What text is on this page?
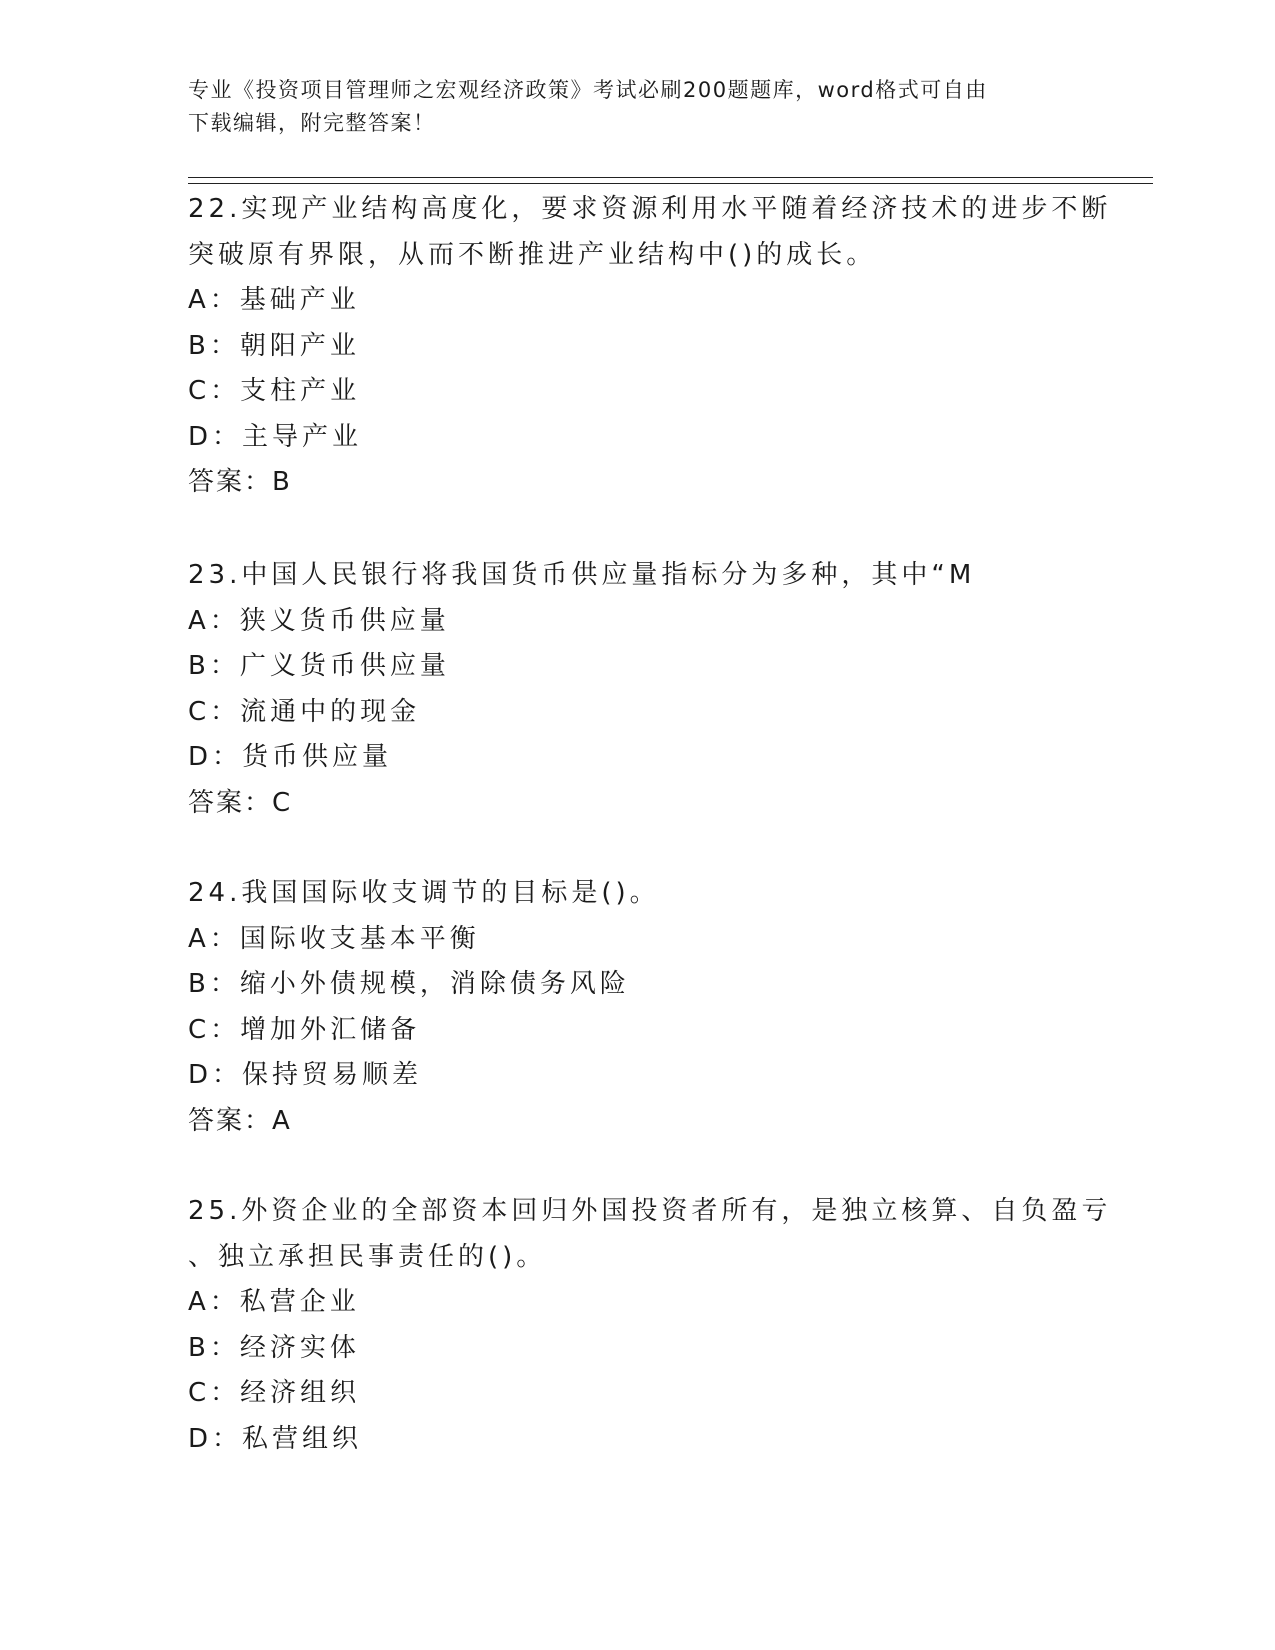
专业《投资项目管理师之宏观经济政策》考试必刷200题题库，word格式可自由
下载编辑，附完整答案！
22.实现产业结构高度化，要求资源利用水平随着经济技术的进步不断
突破原有界限，从而不断推进产业结构中()的成长。
A：基础产业
B：朝阳产业
C：支柱产业
D：主导产业
答案：B
23.中国人民银行将我国货币供应量指标分为多种，其中“M
A：狭义货币供应量
B：广义货币供应量
C：流通中的现金
D：货币供应量
答案：C
24.我国国际收支调节的目标是()。
A：国际收支基本平衡
B：缩小外债规模，消除债务风险
C：增加外汇储备
D：保持贸易顺差
答案：A
25.外资企业的全部资本回归外国投资者所有，是独立核算、自负盈亏
、独立承担民事责任的()。
A：私营企业
B：经济实体
C：经济组织
D：私营组织
